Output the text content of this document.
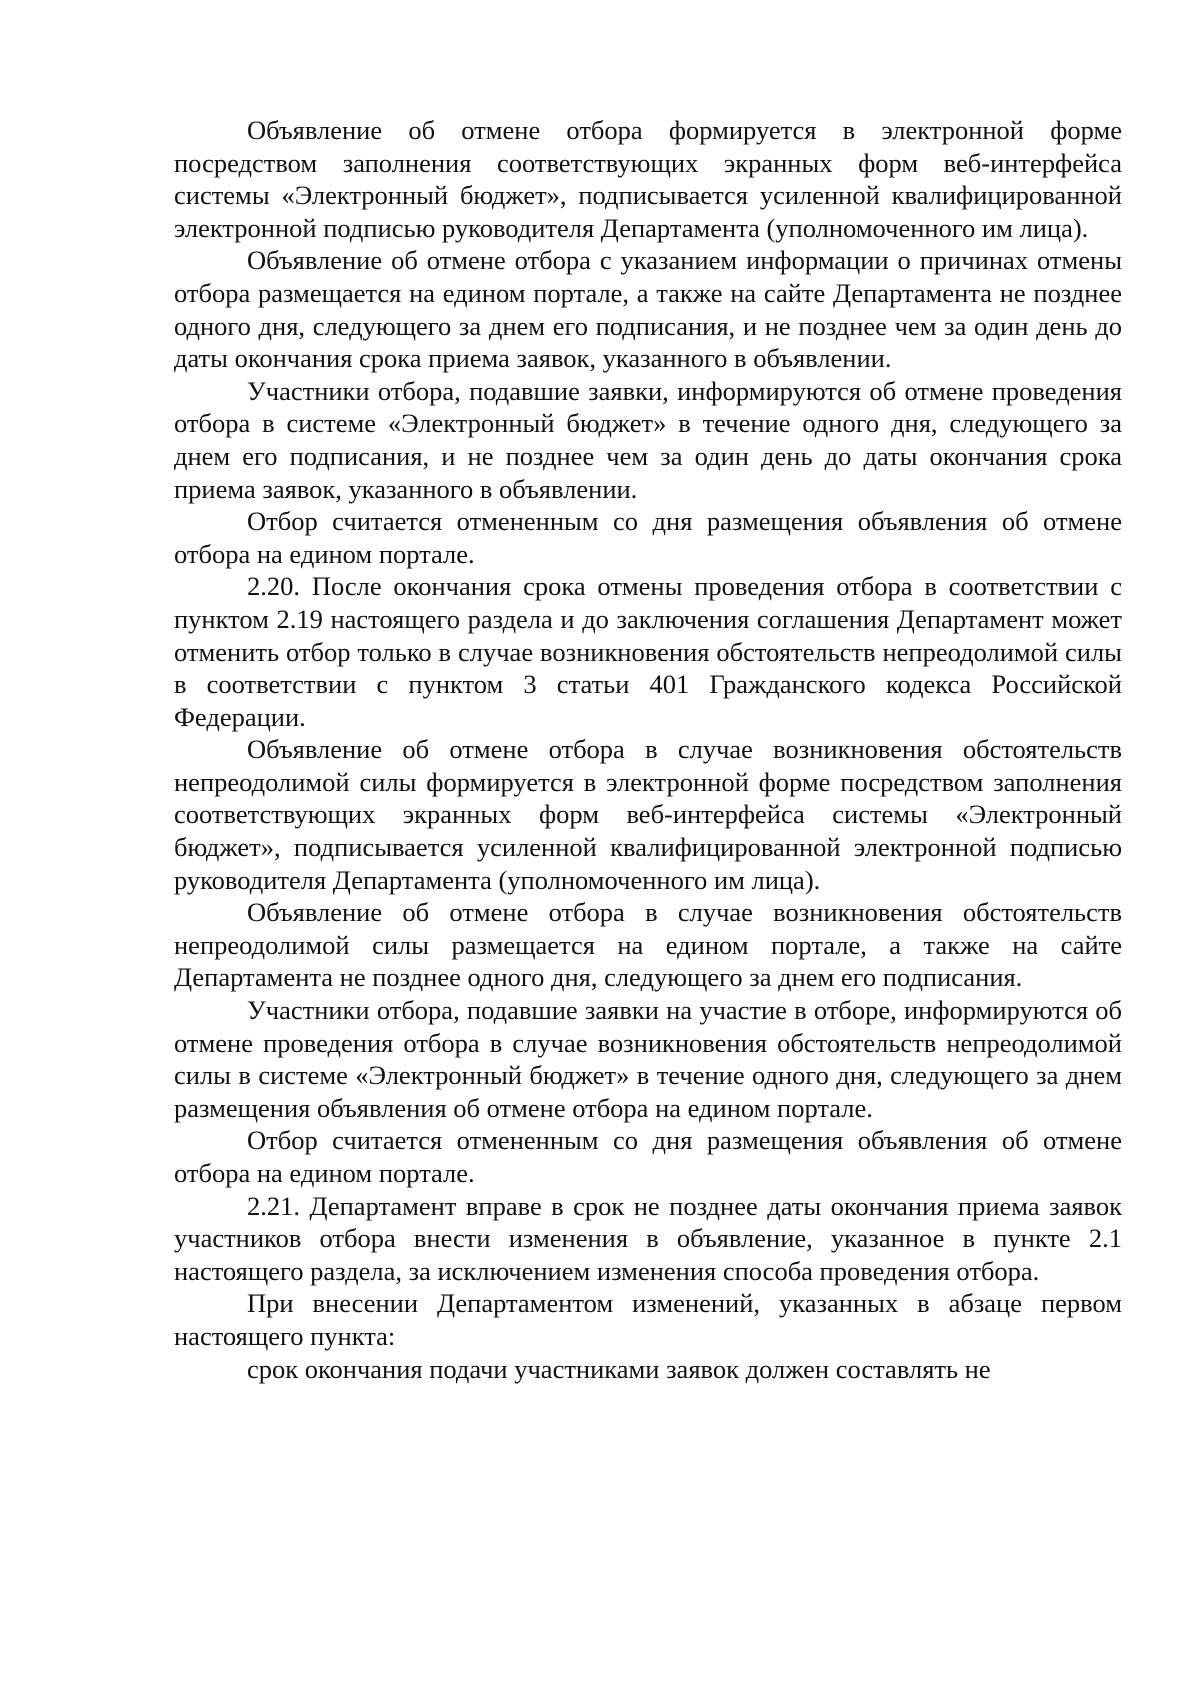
Объявление об отмене отбора формируется в электронной форме посредством заполнения соответствующих экранных форм веб-интерфейса системы «Электронный бюджет», подписывается усиленной квалифицированной электронной подписью руководителя Департамента (уполномоченного им лица).

Объявление об отмене отбора с указанием информации о причинах отмены отбора размещается на едином портале, а также на сайте Департамента не позднее одного дня, следующего за днем его подписания, и не позднее чем за один день до даты окончания срока приема заявок, указанного в объявлении.

Участники отбора, подавшие заявки, информируются об отмене проведения отбора в системе «Электронный бюджет» в течение одного дня, следующего за днем его подписания, и не позднее чем за один день до даты окончания срока приема заявок, указанного в объявлении.

Отбор считается отмененным со дня размещения объявления об отмене отбора на едином портале.

2.20. После окончания срока отмены проведения отбора в соответствии с пунктом 2.19 настоящего раздела и до заключения соглашения Департамент может отменить отбор только в случае возникновения обстоятельств непреодолимой силы в соответствии с пунктом 3 статьи 401 Гражданского кодекса Российской Федерации.

Объявление об отмене отбора в случае возникновения обстоятельств непреодолимой силы формируется в электронной форме посредством заполнения соответствующих экранных форм веб-интерфейса системы «Электронный бюджет», подписывается усиленной квалифицированной электронной подписью руководителя Департамента (уполномоченного им лица).

Объявление об отмене отбора в случае возникновения обстоятельств непреодолимой силы размещается на едином портале, а также на сайте Департамента не позднее одного дня, следующего за днем его подписания.

Участники отбора, подавшие заявки на участие в отборе, информируются об отмене проведения отбора в случае возникновения обстоятельств непреодолимой силы в системе «Электронный бюджет» в течение одного дня, следующего за днем размещения объявления об отмене отбора на едином портале.

Отбор считается отмененным со дня размещения объявления об отмене отбора на едином портале.

2.21. Департамент вправе в срок не позднее даты окончания приема заявок участников отбора внести изменения в объявление, указанное в пункте 2.1 настоящего раздела, за исключением изменения способа проведения отбора.

При внесении Департаментом изменений, указанных в абзаце первом настоящего пункта:

срок окончания подачи участниками заявок должен составлять не
